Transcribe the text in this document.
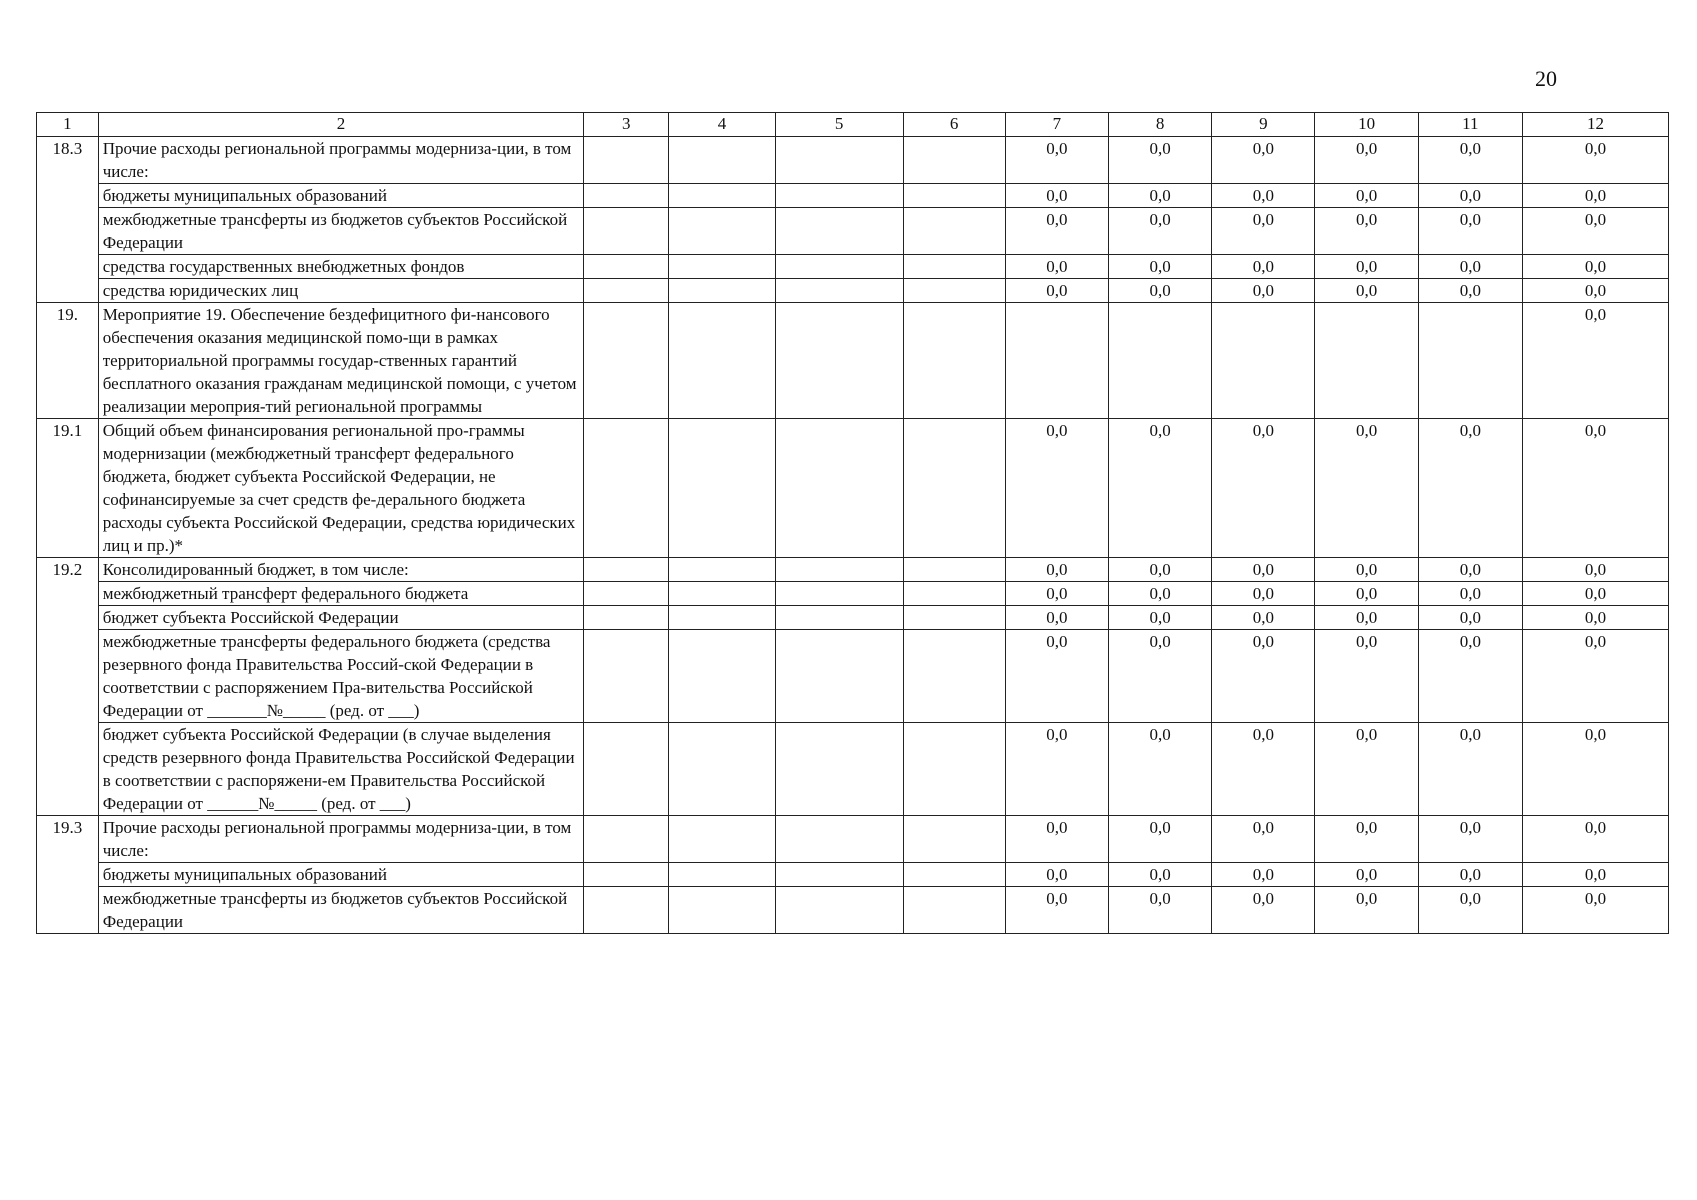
20
1	2	3	4	5	6	7	8	9	10	11	12
18.3	Прочие расходы региональной программы модерниза-ции, в том числе:					0,0	0,0	0,0	0,0	0,0	0,0
	бюджеты муниципальных образований					0,0	0,0	0,0	0,0	0,0	0,0
	межбюджетные трансферты из бюджетов субъектов Российской Федерации					0,0	0,0	0,0	0,0	0,0	0,0
	средства государственных внебюджетных фондов					0,0	0,0	0,0	0,0	0,0	0,0
	средства юридических лиц					0,0	0,0	0,0	0,0	0,0	0,0
19.	Мероприятие 19. Обеспечение бездефицитного фи-нансового обеспечения оказания медицинской помо-щи в рамках территориальной программы государ-ственных гарантий бесплатного оказания гражданам медицинской помощи, с учетом реализации мероприя-тий региональной программы										0,0
19.1	Общий объем финансирования региональной про-граммы модернизации (межбюджетный трансферт федерального бюджета, бюджет субъекта Российской Федерации, не софинансируемые за счет средств фе-дерального бюджета расходы субъекта Российской Федерации, средства юридических лиц и пр.)*					0,0	0,0	0,0	0,0	0,0	0,0
19.2	Консолидированный бюджет, в том числе:					0,0	0,0	0,0	0,0	0,0	0,0
	межбюджетный трансферт федерального бюджета					0,0	0,0	0,0	0,0	0,0	0,0
	бюджет субъекта Российской Федерации					0,0	0,0	0,0	0,0	0,0	0,0
	межбюджетные трансферты федерального бюджета (средства резервного фонда Правительства Россий-ской Федерации в соответствии с распоряжением Пра-вительства Российской Федерации от _______№_____ (ред. от ___)					0,0	0,0	0,0	0,0	0,0	0,0
	бюджет субъекта Российской Федерации (в случае выделения средств резервного фонда Правительства Российской Федерации в соответствии с распоряжени-ем Правительства Российской Федерации от ______№_____ (ред. от ___)					0,0	0,0	0,0	0,0	0,0	0,0
19.3	Прочие расходы региональной программы модерниза-ции, в том числе:					0,0	0,0	0,0	0,0	0,0	0,0
	бюджеты муниципальных образований					0,0	0,0	0,0	0,0	0,0	0,0
	межбюджетные трансферты из бюджетов субъектов Российской Федерации					0,0	0,0	0,0	0,0	0,0	0,0
